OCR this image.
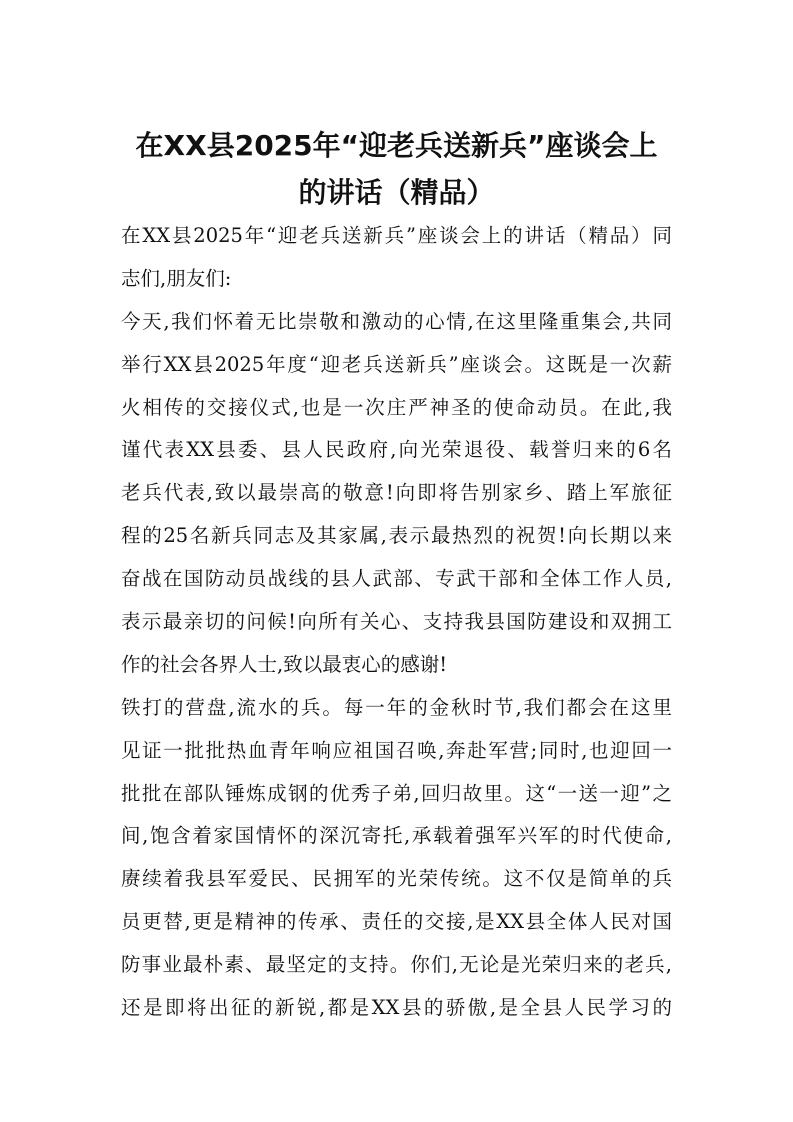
在XX县2025年“迎老兵送新兵”座谈会上
的讲话（精品）
在XX县2025年“迎老兵送新兵”座谈会上的讲话（精品）同
志们,朋友们:
今天,我们怀着无比崇敬和激动的心情,在这里隆重集会,共同
举行XX县2025年度“迎老兵送新兵”座谈会。这既是一次薪
火相传的交接仪式,也是一次庄严神圣的使命动员。在此,我
谨代表XX县委、县人民政府,向光荣退役、载誉归来的6名
老兵代表,致以最崇高的敬意!向即将告别家乡、踏上军旅征
程的25名新兵同志及其家属,表示最热烈的祝贺!向长期以来
奋战在国防动员战线的县人武部、专武干部和全体工作人员,
表示最亲切的问候!向所有关心、支持我县国防建设和双拥工
作的社会各界人士,致以最衷心的感谢!
铁打的营盘,流水的兵。每一年的金秋时节,我们都会在这里
见证一批批热血青年响应祖国召唤,奔赴军营;同时,也迎回一
批批在部队锤炼成钢的优秀子弟,回归故里。这“一送一迎”之
间,饱含着家国情怀的深沉寄托,承载着强军兴军的时代使命,
赓续着我县军爱民、民拥军的光荣传统。这不仅是简单的兵
员更替,更是精神的传承、责任的交接,是XX县全体人民对国
防事业最朴素、最坚定的支持。你们,无论是光荣归来的老兵,
还是即将出征的新锐,都是XX县的骄傲,是全县人民学习的
